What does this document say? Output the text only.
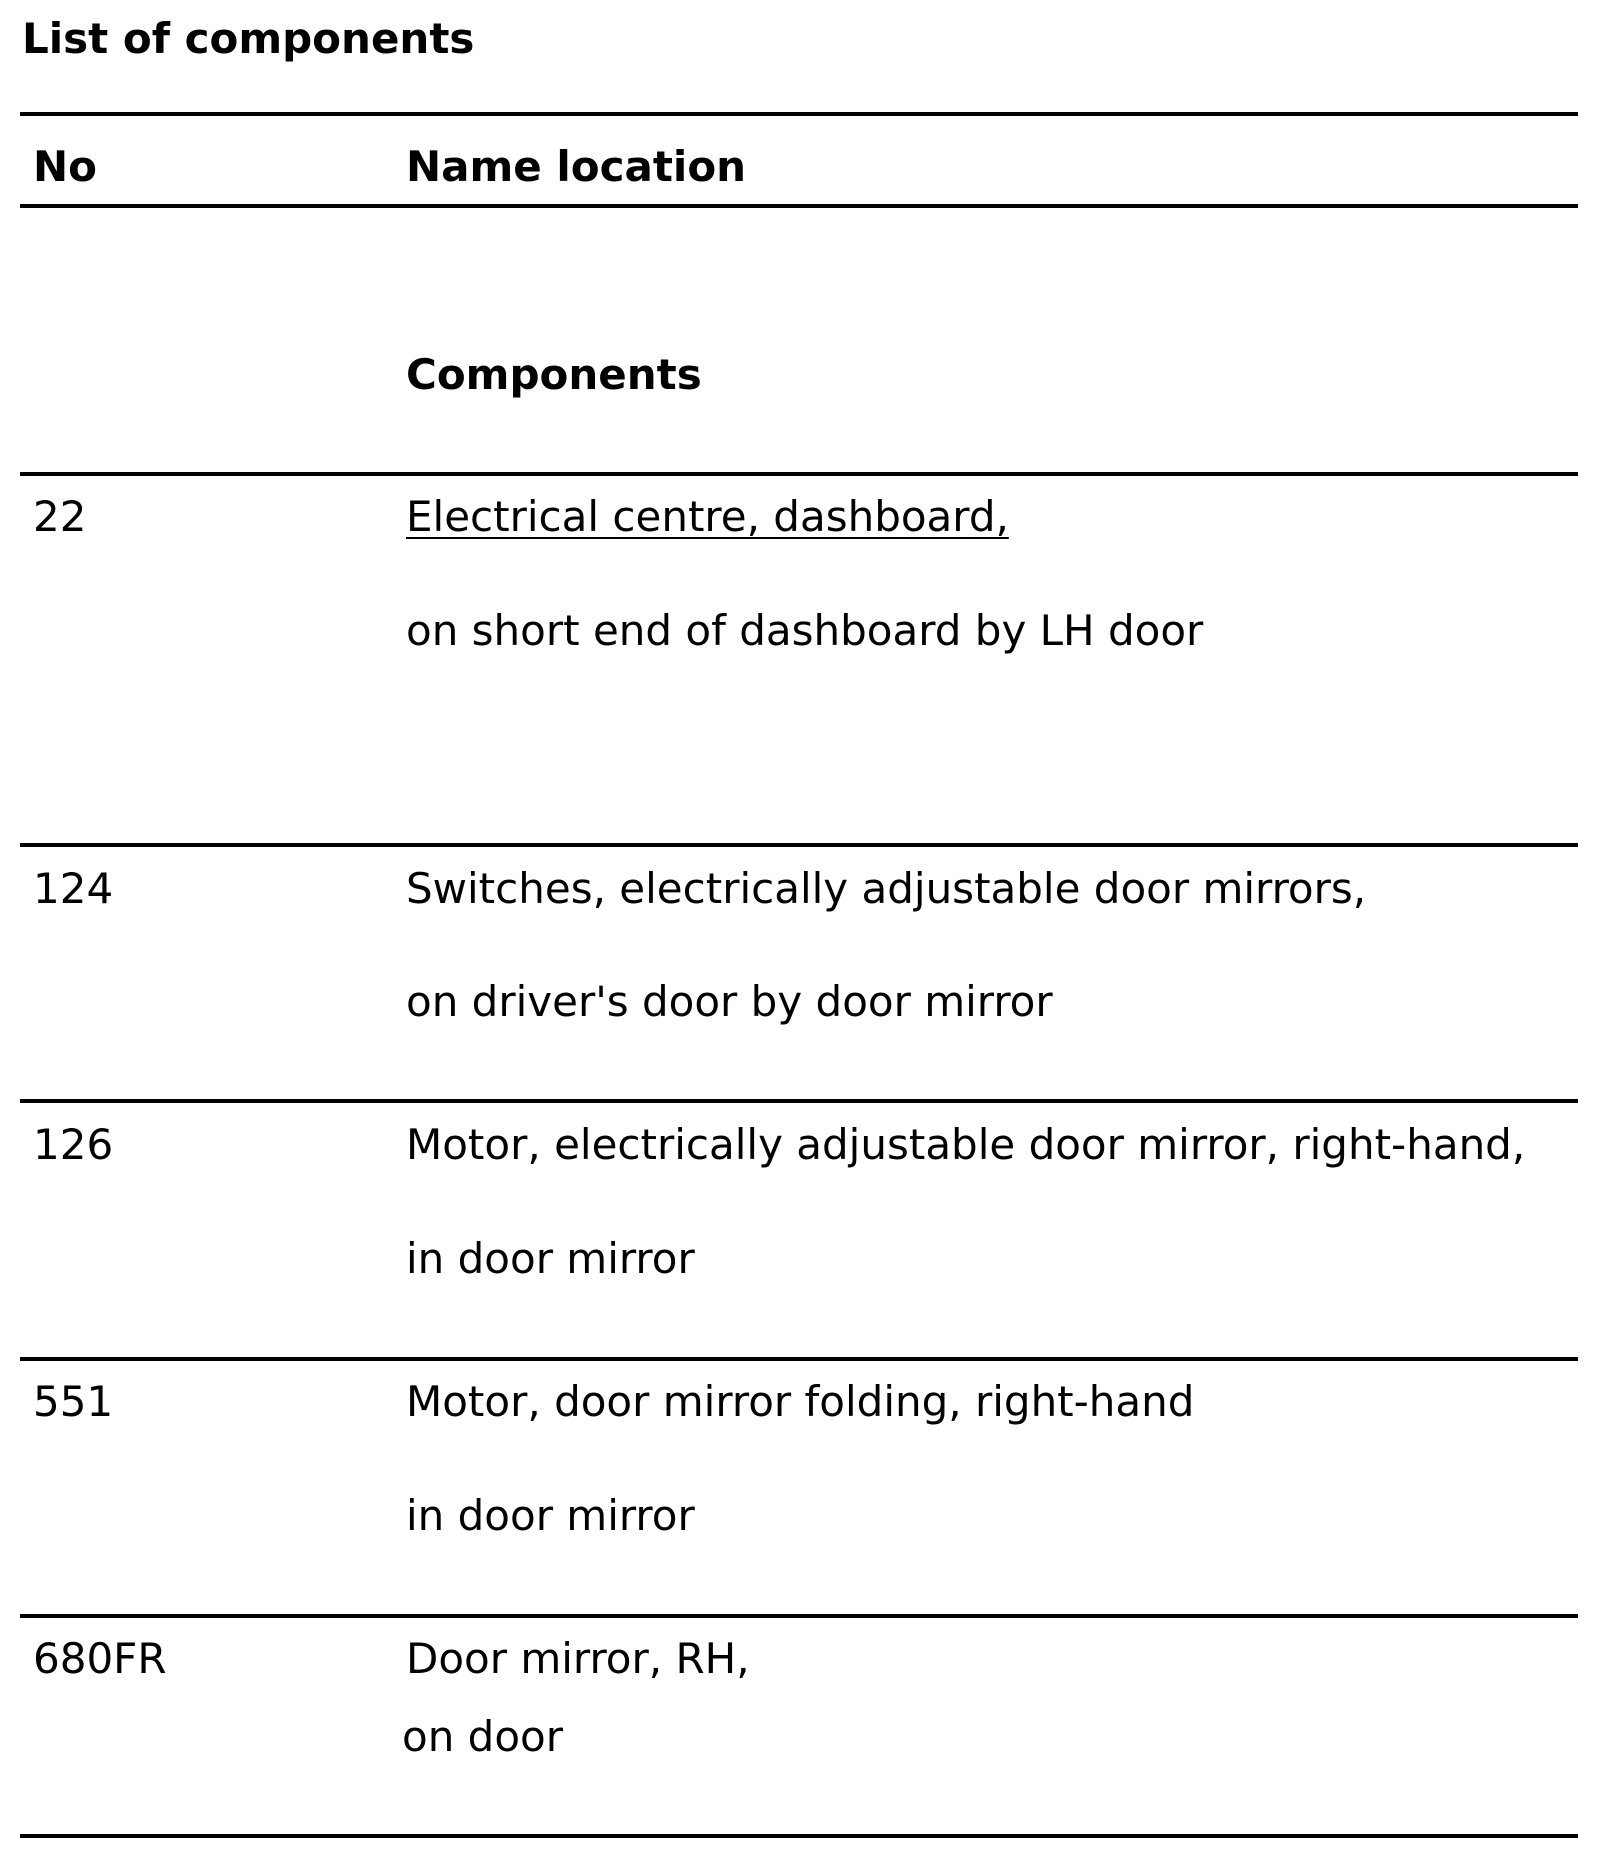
List of components
No	Name location
Components
22	Electrical centre, dashboard,
on short end of dashboard by LH door
124	Switches, electrically adjustable door mirrors,
on driver's door by door mirror
126	Motor, electrically adjustable door mirror, right-hand,
in door mirror
551	Motor, door mirror folding, right-hand
in door mirror
680FR	Door mirror, RH,
on door
